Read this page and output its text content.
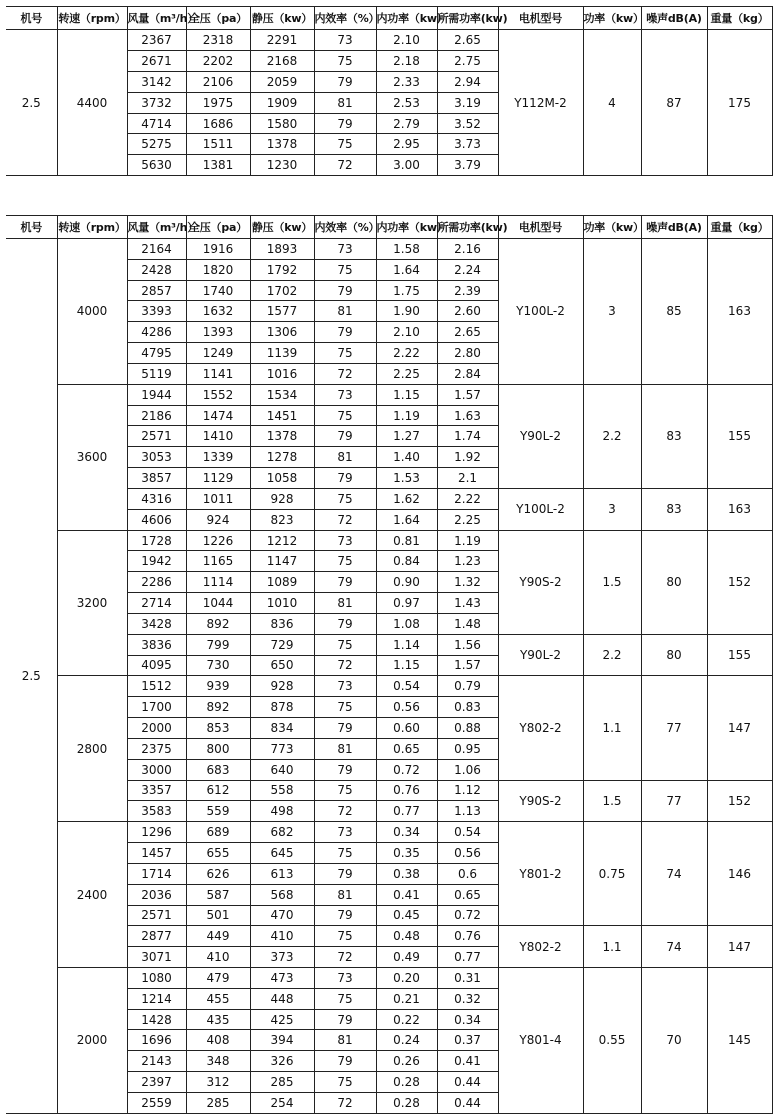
机号	转速（rpm）	风量（m³/h）	全压（pa）	静压（kw）	内效率（%）	内功率（kw）	所需功率(kw)	电机型号	功率（kw）	噪声dB(A)	重量（kg）
2.5	4400	2367	2318	2291	73	2.10	2.65	Y112M-2	4	87	175
		2671	2202	2168	75	2.18	2.75				
		3142	2106	2059	79	2.33	2.94				
		3732	1975	1909	81	2.53	3.19				
		4714	1686	1580	79	2.79	3.52				
		5275	1511	1378	75	2.95	3.73				
		5630	1381	1230	72	3.00	3.79				
机号	转速（rpm）	风量（m³/h）	全压（pa）	静压（kw）	内效率（%）	内功率（kw）	所需功率(kw)	电机型号	功率（kw）	噪声dB(A)	重量（kg）
2.5	4000	2164	1916	1893	73	1.58	2.16	Y100L-2	3	85	163
		2428	1820	1792	75	1.64	2.24				
		2857	1740	1702	79	1.75	2.39				
		3393	1632	1577	81	1.90	2.60				
		4286	1393	1306	79	2.10	2.65				
		4795	1249	1139	75	2.22	2.80				
		5119	1141	1016	72	2.25	2.84				
	3600	1944	1552	1534	73	1.15	1.57	Y90L-2	2.2	83	155
		2186	1474	1451	75	1.19	1.63				
		2571	1410	1378	79	1.27	1.74				
		3053	1339	1278	81	1.40	1.92				
		3857	1129	1058	79	1.53	2.1				
		4316	1011	928	75	1.62	2.22	Y100L-2	3	83	163
		4606	924	823	72	1.64	2.25				
	3200	1728	1226	1212	73	0.81	1.19	Y90S-2	1.5	80	152
		1942	1165	1147	75	0.84	1.23				
		2286	1114	1089	79	0.90	1.32				
		2714	1044	1010	81	0.97	1.43				
		3428	892	836	79	1.08	1.48				
		3836	799	729	75	1.14	1.56	Y90L-2	2.2	80	155
		4095	730	650	72	1.15	1.57				
	2800	1512	939	928	73	0.54	0.79	Y802-2	1.1	77	147
		1700	892	878	75	0.56	0.83				
		2000	853	834	79	0.60	0.88				
		2375	800	773	81	0.65	0.95				
		3000	683	640	79	0.72	1.06				
		3357	612	558	75	0.76	1.12	Y90S-2	1.5	77	152
		3583	559	498	72	0.77	1.13				
	2400	1296	689	682	73	0.34	0.54	Y801-2	0.75	74	146
		1457	655	645	75	0.35	0.56				
		1714	626	613	79	0.38	0.6				
		2036	587	568	81	0.41	0.65				
		2571	501	470	79	0.45	0.72				
		2877	449	410	75	0.48	0.76	Y802-2	1.1	74	147
		3071	410	373	72	0.49	0.77				
	2000	1080	479	473	73	0.20	0.31	Y801-4	0.55	70	145
		1214	455	448	75	0.21	0.32				
		1428	435	425	79	0.22	0.34				
		1696	408	394	81	0.24	0.37				
		2143	348	326	79	0.26	0.41				
		2397	312	285	75	0.28	0.44				
		2559	285	254	72	0.28	0.44				
